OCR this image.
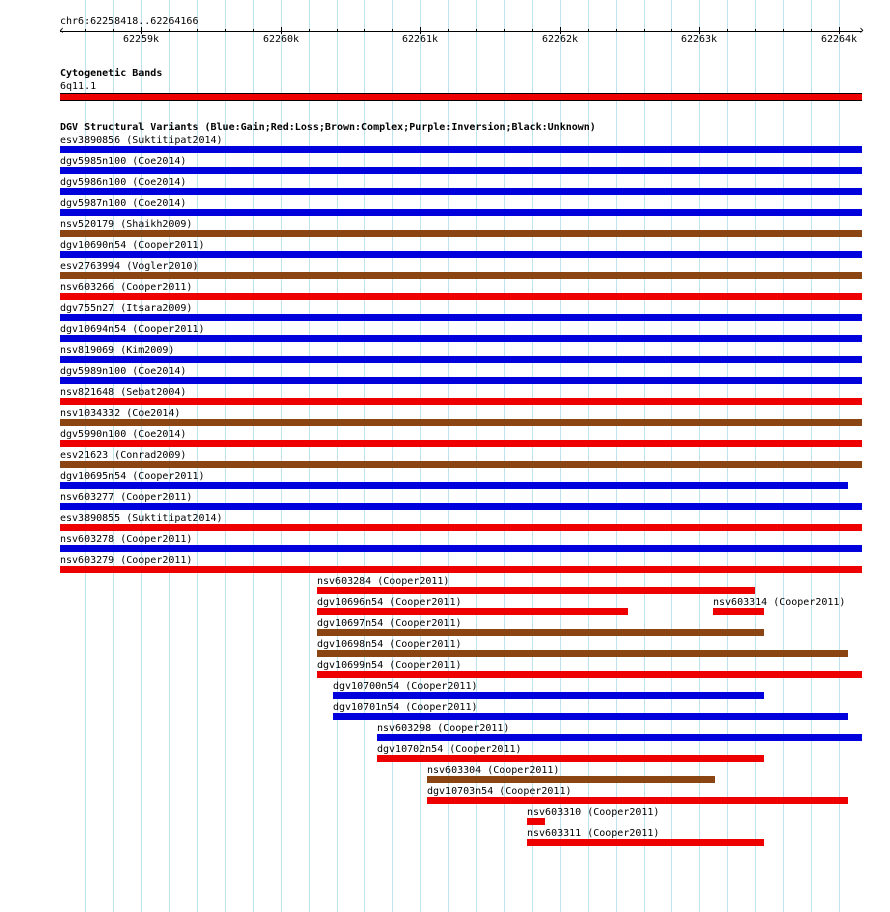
chr6:62258418..62264166
62259k	62260k	62261k	62262k	62263k	62264k
‹	›
Cytogenetic Bands
6q11.1
DGV Structural Variants (Blue:Gain;Red:Loss;Brown:Complex;Purple:Inversion;Black:Unknown)
esv3890856 (Suktitipat2014)
dgv5985n100 (Coe2014)
dgv5986n100 (Coe2014)
dgv5987n100 (Coe2014)
nsv520179 (Shaikh2009)
dgv10690n54 (Cooper2011)
esv2763994 (Vogler2010)
nsv603266 (Cooper2011)
dgv755n27 (Itsara2009)
dgv10694n54 (Cooper2011)
nsv819069 (Kim2009)
dgv5989n100 (Coe2014)
nsv821648 (Sebat2004)
nsv1034332 (Coe2014)
dgv5990n100 (Coe2014)
esv21623 (Conrad2009)
dgv10695n54 (Cooper2011)
nsv603277 (Cooper2011)
esv3890855 (Suktitipat2014)
nsv603278 (Cooper2011)
nsv603279 (Cooper2011)
nsv603284 (Cooper2011)
dgv10696n54 (Cooper2011)	nsv603314 (Cooper2011)
dgv10697n54 (Cooper2011)
dgv10698n54 (Cooper2011)
dgv10699n54 (Cooper2011)
dgv10700n54 (Cooper2011)
dgv10701n54 (Cooper2011)
nsv603298 (Cooper2011)
dgv10702n54 (Cooper2011)
nsv603304 (Cooper2011)
dgv10703n54 (Cooper2011)
nsv603310 (Cooper2011)
nsv603311 (Cooper2011)
